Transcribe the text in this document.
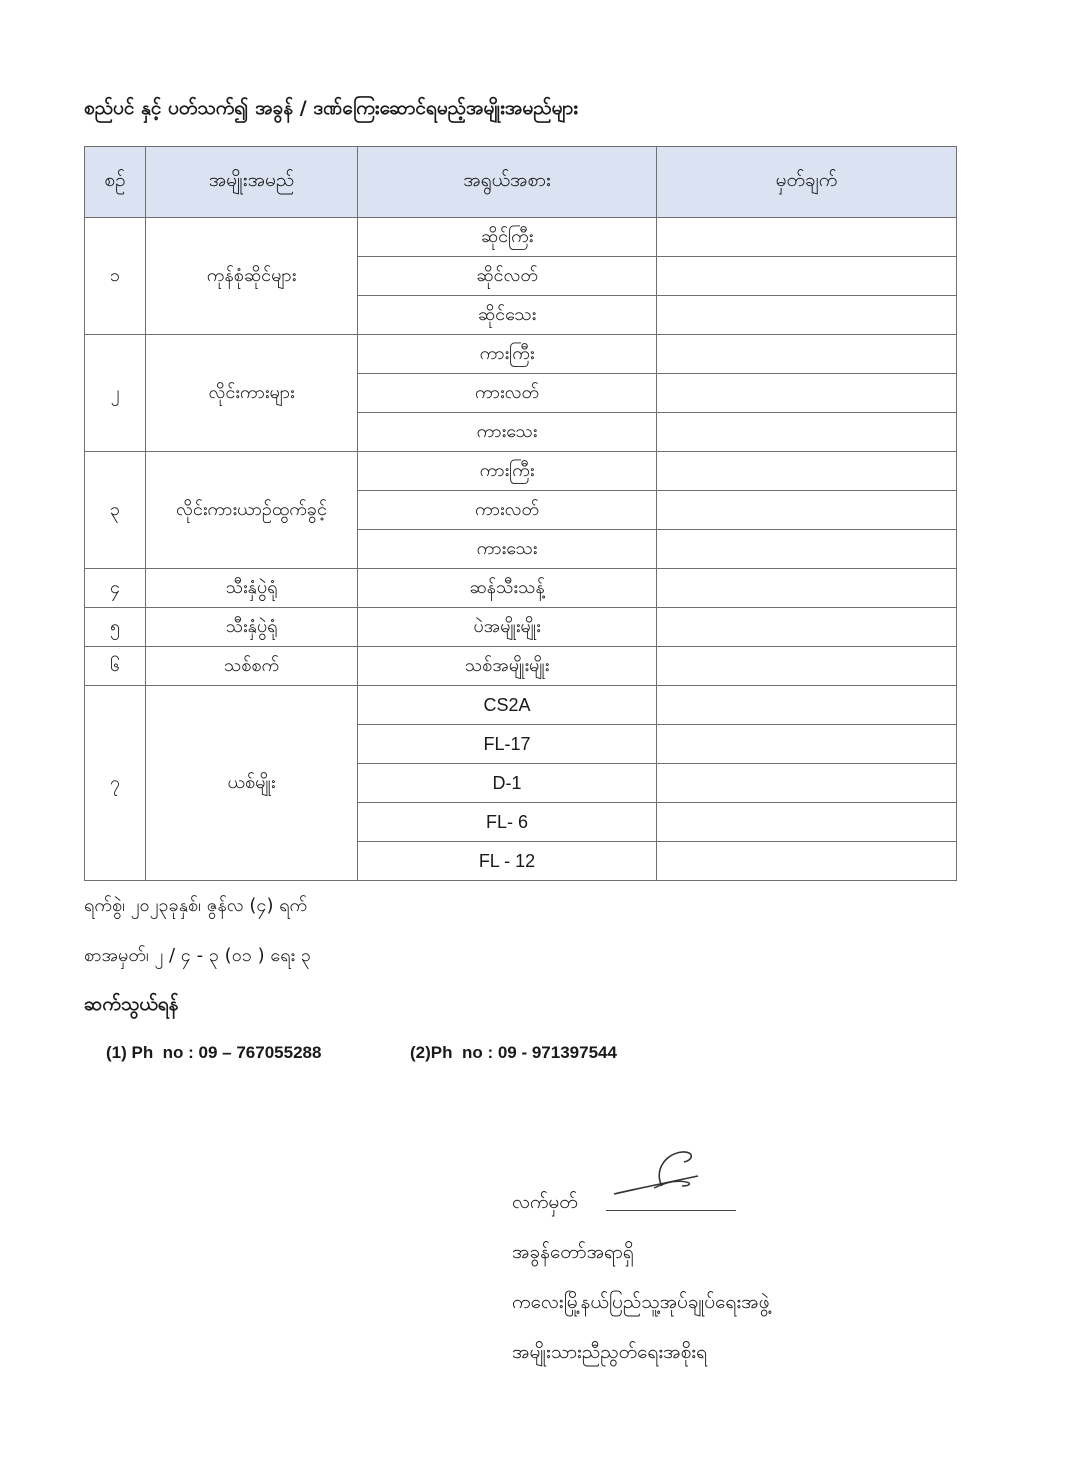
စည်ပင် နှင့် ပတ်သက်၍ အခွန် / ဒဏ်ကြေးဆောင်ရမည့်အမျိုးအမည်များ
စဥ်	အမျိုးအမည်	အရွယ်အစား	မှတ်ချက်
၁	ကုန်စုံဆိုင်များ	ဆိုင်ကြီး	
		ဆိုင်လတ်	
		ဆိုင်သေး	
၂	လိုင်းကားများ	ကားကြီး	
		ကားလတ်	
		ကားသေး	
၃	လိုင်းကားယာဥ်ထွက်ခွင့်	ကားကြီး	
		ကားလတ်	
		ကားသေး	
၄	သီးနှံပွဲရုံ	ဆန်သီးသန့်	
၅	သီးနှံပွဲရုံ	ပဲအမျိုးမျိုး	
၆	သစ်စက်	သစ်အမျိုးမျိုး	
၇	ယစ်မျိုး	CS2A	
		FL-17	
		D-1	
		FL- 6	
		FL - 12	
ရက်စွဲ၊ ၂၀၂၃ခုနှစ်၊ ဇွန်လ (၄) ရက်
စာအမှတ်၊ ၂ / ၄ - ၃ (၀၁ ) ရေး ၃
ဆက်သွယ်ရန်
(1) Ph  no : 09 – 767055288	(2)Ph  no : 09 - 971397544
လက်မှတ်
အခွန်တော်အရာရှိ
ကလေးမြို့နယ်ပြည်သူ့အုပ်ချုပ်ရေးအဖွဲ့
အမျိုးသားညီညွတ်ရေးအစိုးရ
